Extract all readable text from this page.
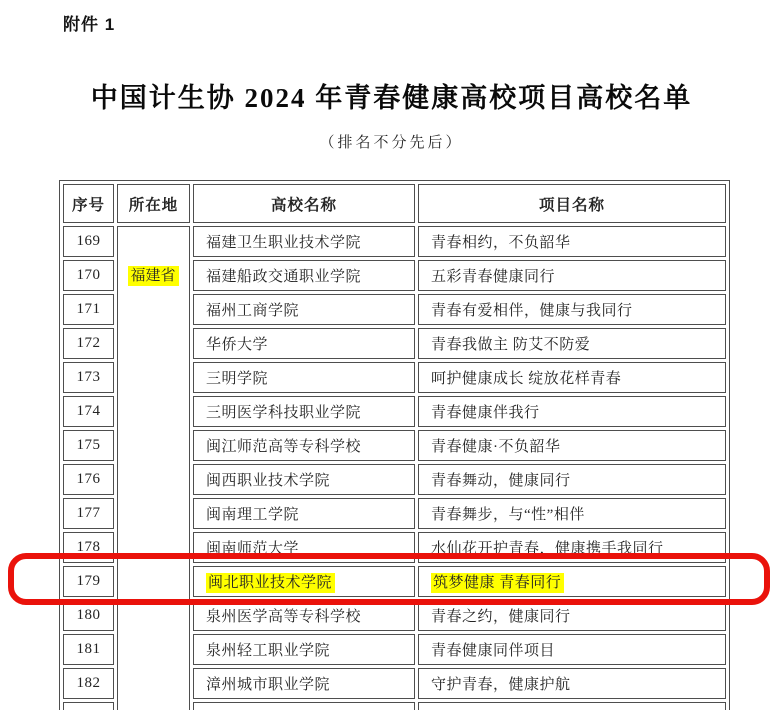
附件 1
中国计生协 2024 年青春健康高校项目高校名单
（排名不分先后）
序号	所在地	高校名称	项目名称
169	福建省	福建卫生职业技术学院	青春相约，不负韶华
170		福建船政交通职业学院	五彩青春健康同行
171		福州工商学院	青春有爱相伴，健康与我同行
172		华侨大学	青春我做主 防艾不防爱
173		三明学院	呵护健康成长 绽放花样青春
174		三明医学科技职业学院	青春健康伴我行
175		闽江师范高等专科学校	青春健康·不负韶华
176		闽西职业技术学院	青春舞动，健康同行
177		闽南理工学院	青春舞步，与“性”相伴
178		闽南师范大学	水仙花开护青春，健康携手我同行
179		闽北职业技术学院	筑梦健康 青春同行
180		泉州医学高等专科学校	青春之约，健康同行
181		泉州轻工职业学院	青春健康同伴项目
182		漳州城市职业学院	守护青春，健康护航
